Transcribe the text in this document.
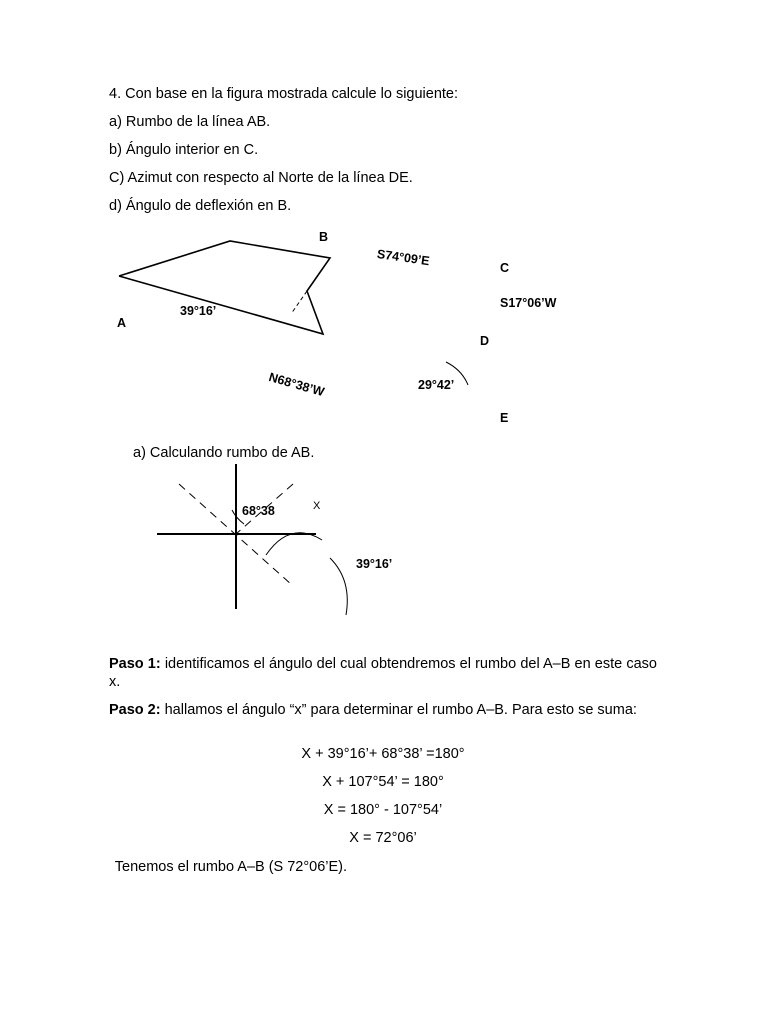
4. Con base en la figura mostrada calcule lo siguiente:
a) Rumbo de la línea AB.
b) Ángulo interior en C.
C) Azimut con respecto al Norte de la línea DE.
d) Ángulo de deflexión en B.
B
A
C
D
E
S74°09’E
S17°06’W
N68°38’W
39°16’
29°42’
a) Calculando rumbo de AB.
68°38	X
39°16’
Paso 1: identificamos el ángulo del cual obtendremos el rumbo del A–B en este caso x.
Paso 2: hallamos el ángulo “x” para determinar el rumbo A–B. Para esto se suma:
X + 39°16’+ 68°38’ =180°
X + 107°54’ = 180°
X = 180° - 107°54’
X = 72°06’
Tenemos el rumbo A–B (S 72°06’E).
